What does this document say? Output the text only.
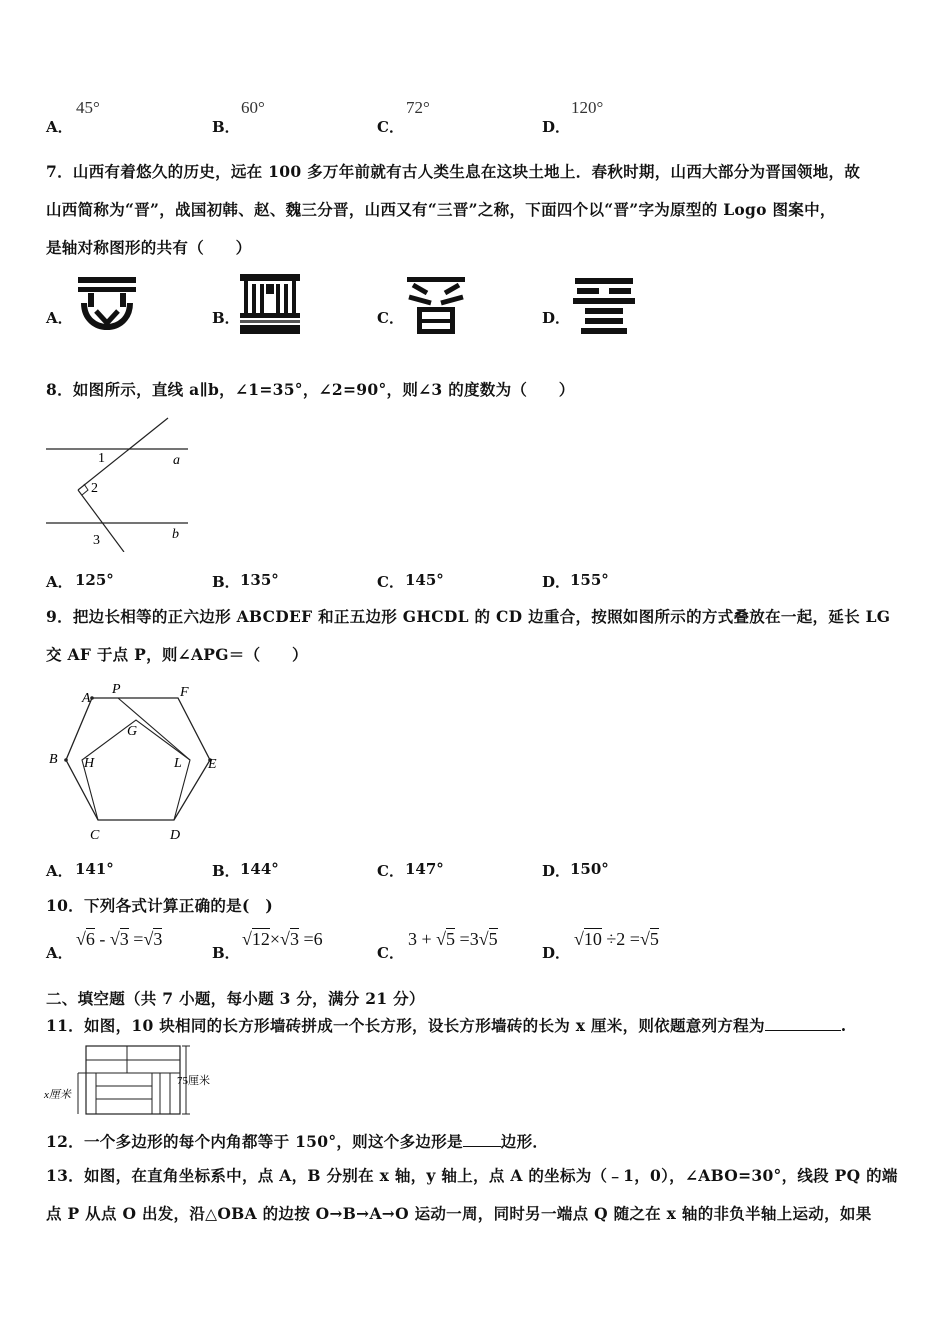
A．
45°
B．
60°
C．
72°
D．
120°
7．山西有着悠久的历史，远在 100 多万年前就有古人类生息在这块土地上．春秋时期，山西大部分为晋国领地，故
山西简称为“晋”，战国初韩、赵、魏三分晋，山西又有“三晋”之称，下面四个以“晋”字为原型的 Logo 图案中，
是轴对称图形的共有（　　）
A．	B．	C．	D．
8．如图所示，直线 a∥b，∠1=35°，∠2=90°，则∠3 的度数为（　　）
1
2
3
a
b
A． 125°	B． 135°	C． 145°	D． 155°
9．把边长相等的正六边形 ABCDEF 和正五边形 GHCDL 的 CD 边重合，按照如图所示的方式叠放在一起，延长 LG
交 AF 于点 P，则∠APG＝（　　）
A
P	F
G
B H	L E
C	D
A． 141°	B． 144°	C． 147°	D． 150°
10．下列各式计算正确的是(　)
A．
√6 - √3 =√3
B．
√12×√3 =6
C．
3 + √5 =3√5
D．
√10 ÷2 =√5
二、填空题（共 7 小题，每小题 3 分，满分 21 分）
11．如图，10 块相同的长方形墙砖拼成一个长方形，设长方形墙砖的长为 x 厘米，则依题意列方程为	.
75厘米
x厘米
12．一个多边形的每个内角都等于 150°，则这个多边形是 边形．
13．如图，在直角坐标系中，点 A，B 分别在 x 轴，y 轴上，点 A 的坐标为（﹣1，0），∠ABO=30°，线段 PQ 的端
点 P 从点 O 出发，沿△OBA 的边按 O→B→A→O 运动一周，同时另一端点 Q 随之在 x 轴的非负半轴上运动，如果
